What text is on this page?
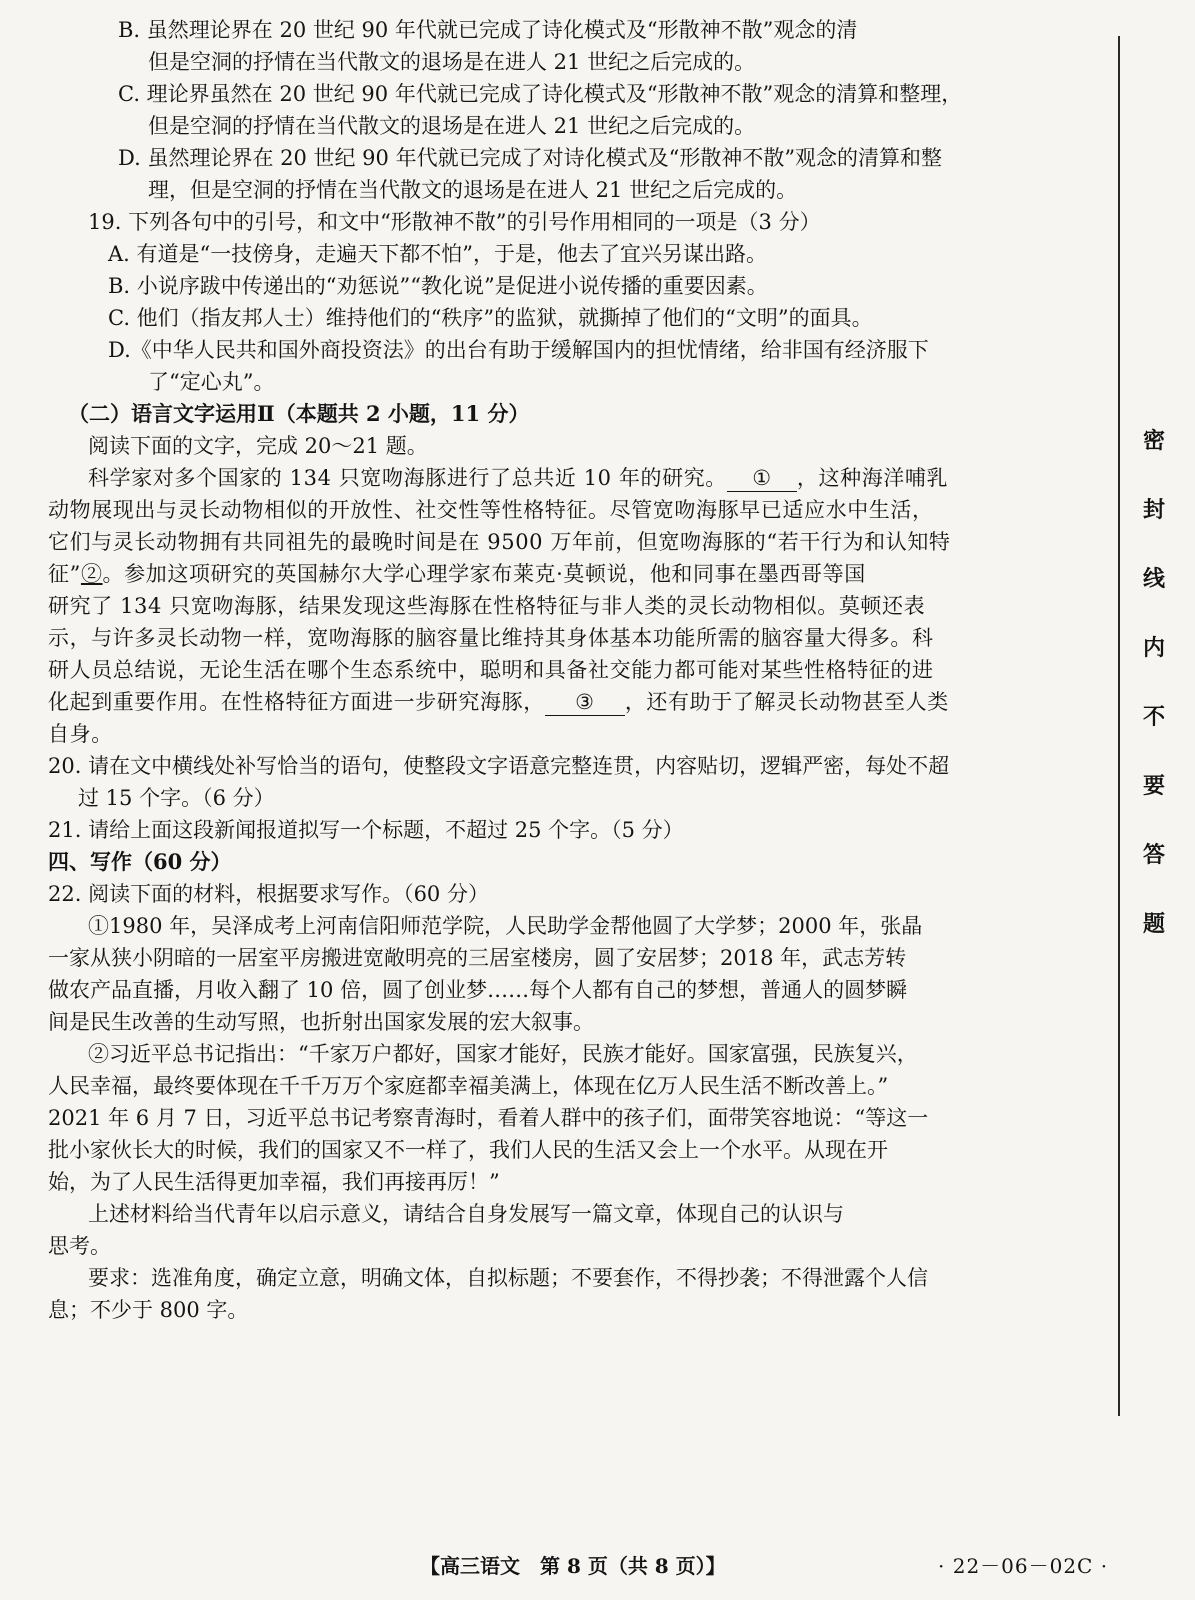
B. 虽然理论界在 20 世纪 90 年代就已完成了诗化模式及“形散神不散”观念的清
但是空洞的抒情在当代散文的退场是在进人 21 世纪之后完成的。
C. 理论界虽然在 20 世纪 90 年代就已完成了诗化模式及“形散神不散”观念的清算和整理，
但是空洞的抒情在当代散文的退场是在进人 21 世纪之后完成的。
D. 虽然理论界在 20 世纪 90 年代就已完成了对诗化模式及“形散神不散”观念的清算和整
理，但是空洞的抒情在当代散文的退场是在进人 21 世纪之后完成的。
19. 下列各句中的引号，和文中“形散神不散”的引号作用相同的一项是（3 分）
A. 有道是“一技傍身，走遍天下都不怕”，于是，他去了宜兴另谋出路。
B. 小说序跋中传递出的“劝惩说”“教化说”是促进小说传播的重要因素。
C. 他们（指友邦人士）维持他们的“秩序”的监狱，就撕掉了他们的“文明”的面具。
D.《中华人民共和国外商投资法》的出台有助于缓解国内的担忧情绪，给非国有经济服下
了“定心丸”。
（二）语言文字运用Ⅱ（本题共 2 小题，11 分）
阅读下面的文字，完成 20～21 题。
科学家对多个国家的 134 只宽吻海豚进行了总共近 10 年的研究。 ① ，这种海洋哺乳
动物展现出与灵长动物相似的开放性、社交性等性格特征。尽管宽吻海豚早已适应水中生活，
它们与灵长动物拥有共同祖先的最晚时间是在 9500 万年前，但宽吻海豚的“若干行为和认知特
征”②。参加这项研究的英国赫尔大学心理学家布莱克·莫顿说，他和同事在墨西哥等国
研究了 134 只宽吻海豚，结果发现这些海豚在性格特征与非人类的灵长动物相似。莫顿还表
示，与许多灵长动物一样，宽吻海豚的脑容量比维持其身体基本功能所需的脑容量大得多。科
研人员总结说，无论生活在哪个生态系统中，聪明和具备社交能力都可能对某些性格特征的进
化起到重要作用。在性格特征方面进一步研究海豚， ③ ，还有助于了解灵长动物甚至人类
自身。
20. 请在文中横线处补写恰当的语句，使整段文字语意完整连贯，内容贴切，逻辑严密，每处不超
过 15 个字。（6 分）
21. 请给上面这段新闻报道拟写一个标题，不超过 25 个字。（5 分）
四、写作（60 分）
22. 阅读下面的材料，根据要求写作。（60 分）
①1980 年，吴泽成考上河南信阳师范学院，人民助学金帮他圆了大学梦；2000 年，张晶
一家从狭小阴暗的一居室平房搬进宽敞明亮的三居室楼房，圆了安居梦；2018 年，武志芳转
做农产品直播，月收入翻了 10 倍，圆了创业梦……每个人都有自己的梦想，普通人的圆梦瞬
间是民生改善的生动写照，也折射出国家发展的宏大叙事。
②习近平总书记指出：“千家万户都好，国家才能好，民族才能好。国家富强，民族复兴，
人民幸福，最终要体现在千千万万个家庭都幸福美满上，体现在亿万人民生活不断改善上。”
2021 年 6 月 7 日，习近平总书记考察青海时，看着人群中的孩子们，面带笑容地说：“等这一
批小家伙长大的时候，我们的国家又不一样了，我们人民的生活又会上一个水平。从现在开
始，为了人民生活得更加幸福，我们再接再厉！”
上述材料给当代青年以启示意义，请结合自身发展写一篇文章，体现自己的认识与
思考。
要求：选准角度，确定立意，明确文体，自拟标题；不要套作，不得抄袭；不得泄露个人信
息；不少于 800 字。
密
封
线
内
不
要
答
题
【高三语文　第 8 页（共 8 页）】	· 22－06－02C ·
